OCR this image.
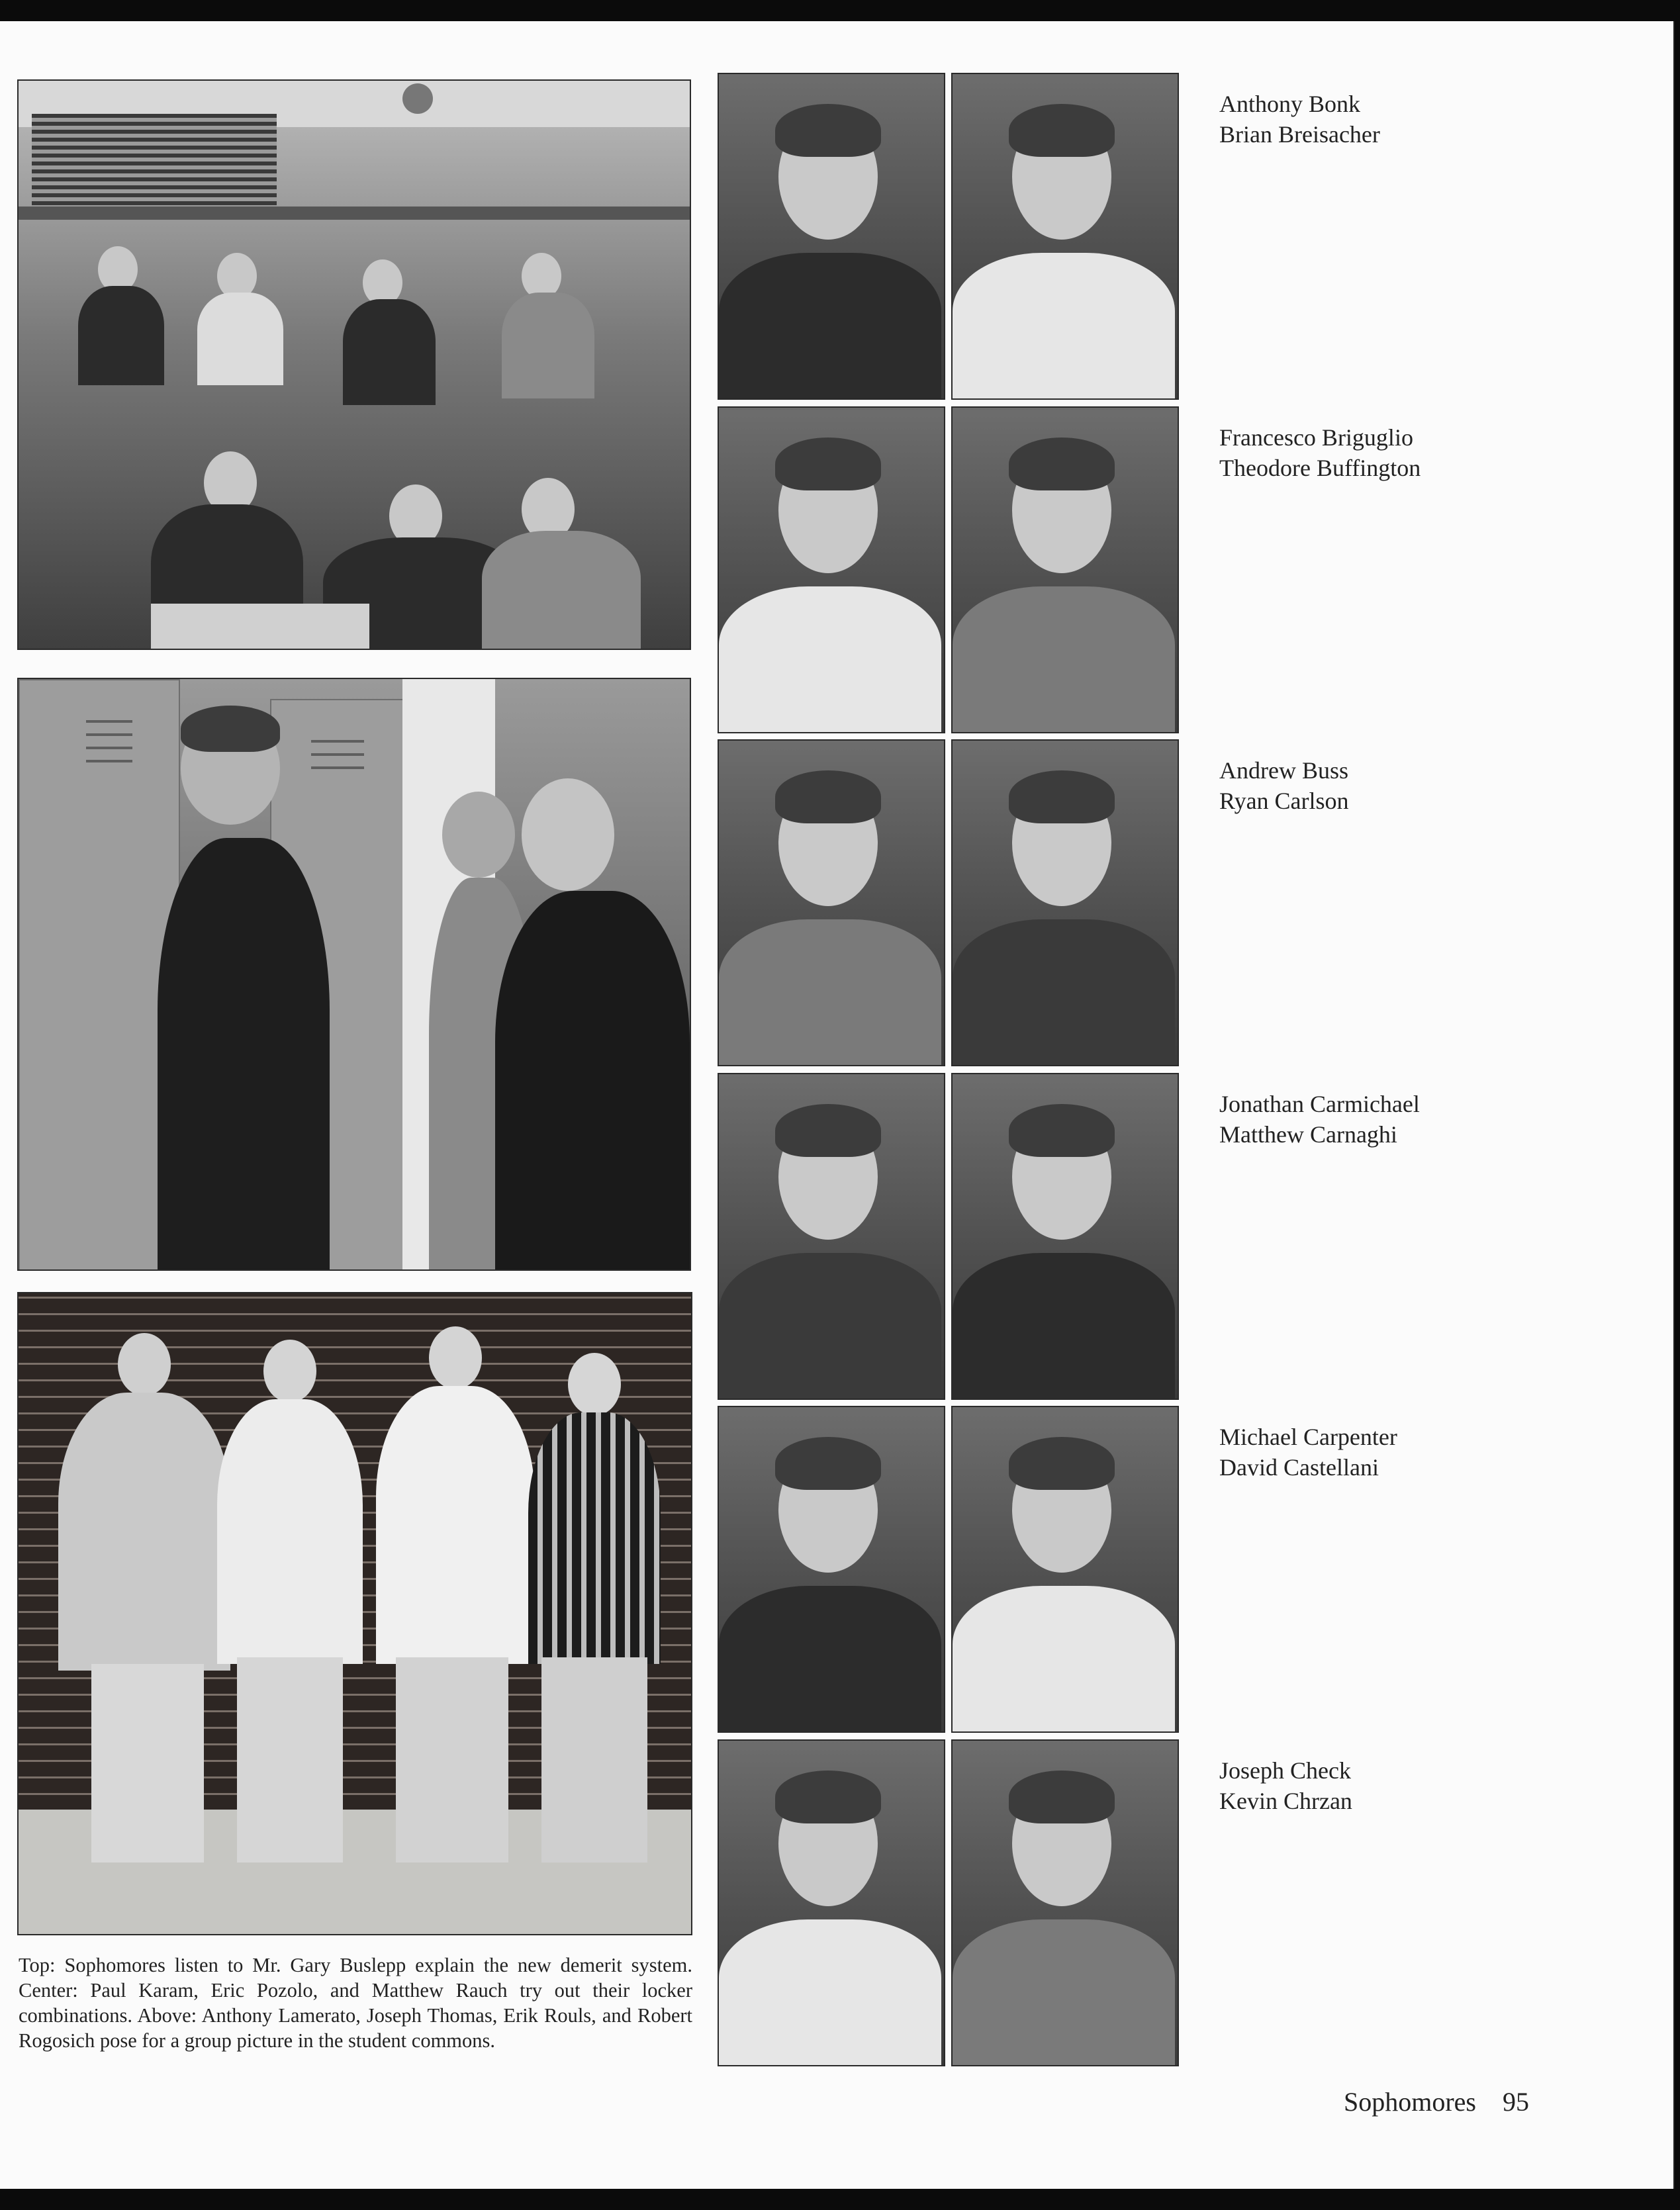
Top: Sophomores listen to Mr. Gary Buslepp explain the new demerit system. Center: Paul Karam, Eric Pozolo, and Matthew Rauch try out their locker combinations. Above: Anthony Lamerato, Joseph Thomas, Erik Rouls, and Robert Rogosich pose for a group picture in the student commons.
Anthony Bonk
Brian Breisacher
Francesco Briguglio
Theodore Buffington
Andrew Buss
Ryan Carlson
Jonathan Carmichael
Matthew Carnaghi
Michael Carpenter
David Castellani
Joseph Check
Kevin Chrzan
Sophomores 95
